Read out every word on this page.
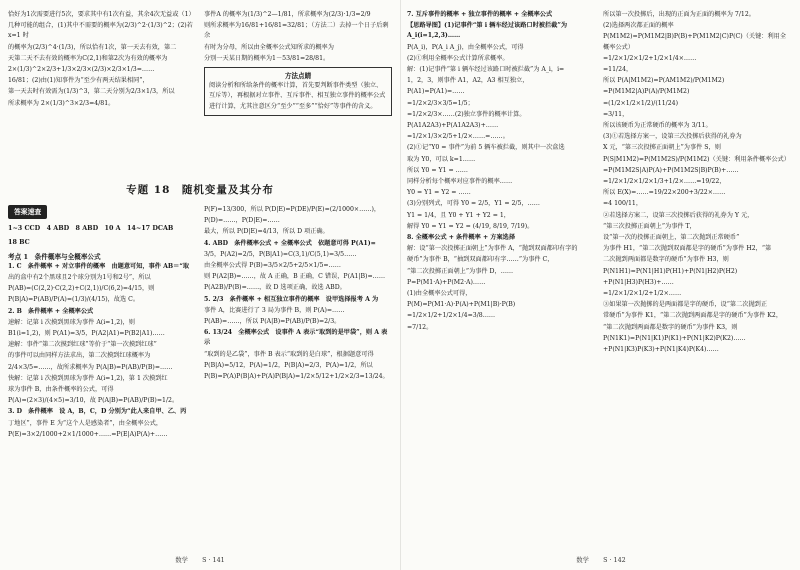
恰好为1次需要进行5次，要求其中有1次有益，其余4次无益或（1）

几种可能的组合，(1)其中不需要的概率为(2/3)^2·(1/3)^2；(2)若 x=1 时

的概率为(2/3)^4·(1/3)，所以恰有1次，第一天去有效，第二

天第二天不去有效的概率为C(2,1)和第2次为有效的概率为

2×(1/3)^2×2/3+1/3×2/3×(2/3)×2/3×1/3=……

16/81；(2)由(1)知事件为“至少有两天结果相同”，

第一天去时有效需为(1/3)^3，第二天分别为2/3×1/3，所以

所求概率为 2×(1/3)^3×2/3=4/81。

事件A 的概率为(1/3)^2—1/81，所求概率为(2/3)·1/3=2/9

则所求概率为16/81+16/81=32/81；（方法二）去掉一个日子后剩余

有时为分母，所以由全概率公式知所求的概率为

分别一天某日期的概率为1－53/81=28/81。

方法点睛
阅读分析和所给条件的概率计算，首先要判断事件类型（独立、互斥等），再根据对立事件、互斥事件、相互独立事件的概率公式进行计算，尤其注意区分“至少”“至多”“恰好”等事件的含义。
专题 18　随机变量及其分布
答案速查
1~3 CCD　4 ABD　8 ABD　10 A　14~17 DCAB
18 BC
考点 1　条件概率与全概率公式

1. C　条件概率 + 对立事件的概率　由题意可知，事件 AB＝“取

出的盒中有2个黑球且2个球分别为1号和2号”，所以

P(AB)=(C(2,2)·C(2,2)+C(2,1))/C(6,2)=4/15，则

P(B|A)=P(AB)/P(A)=(1/3)/(4/15)，故选 C。

2. B　条件概率 + 全概率公式

速解：记第 i 次摸到黑球为事件 A(i=1,2)，则

B1(i=1,2)，则 P(A1)=3/5，P(A2|A1)=P(B2|A1)……

速解：事件“第二次摸到红球”等价于“第一次摸到红球”

的事件可以由同样方法求出，第二次摸到红球概率为

2/4×3/5=……，故所求概率为 P(A|B)=P(AB)/P(B)=……

快解：记第 i 次摸到黑球为事件 A(i=1,2)，第 1 次摸到红

球为事件 B，由条件概率的公式，可得

P(A)=(2×3)/(4×5)=3/10，故 P(A|B)=P(AB)/P(B)=1/2。

3. D　条件概率　设 A，B，C，D 分别为“此人来自甲、乙、丙

丁地区”，事件 E 为“这个人是感染者”，由全概率公式，

P(E)=3×2/1000+2×1/1000+……=P(E|A)P(A)+……

P(F)=13/300，所以 P(D|E)=P(DE)/P(E)=(2/1000×……)，

P(D)=……，P(D|E)=……

最大，所以 P(D|E)=4/13，所以 D 项正确。

4. ABD　条件概率公式 + 全概率公式　依题意可得 P(A1)=

3/5，P(A2)=2/5，P(B|A1)=C(3,1)/C(5,1)=3/5……

由全概率公式得 P(B)=3/5×2/5+2/5×1/5=……

则 P(A2|B)=……，故 A 正确，B 正确，C 错误，P(A1|B)=……

P(A2B)/P(B)=……，故 D 选项正确，故选 ABD。

5. 2/3　条件概率 + 相互独立事件的概率　设甲选择报考 A 为

事件 A，比赛进行了 3 局为事件 B，则 P(A)=……

P(AB)=……，所以 P(A|B)=P(AB)/P(B)=2/3。

6. 13/24　全概率公式　设事件 A 表示“取到的是甲袋”，则 A 表示

“取到的是乙袋”，事件 B 表示“取到的是白球”，根据题意可得

P(B|A)=5/12，P(A)=1/2，P(B|A)=2/3，P(A)=1/2，所以

P(B)=P(A)P(B|A)+P(A)P(B|A)=1/2×5/12+1/2×2/3=13/24。

数学 S · 141

7. 互斥事件的概率 + 独立事件的概率 + 全概率公式

【思路导图】(1)记事件“第 i 辆车经过该路口时被拦截”为 A_i(i=1,2,3)……

P(A_i)，P(A_i A_j)，由全概率公式，可得

(2)①利用全概率公式计算所求概率。

解：(1)记事件“第 i 辆车经过该路口时被拦截”为 A_i，i=

1，2，3，则事件 A1，A2，A3 相互独立，

P(A1)=P(A1)=……

=1/2×2/3×3/5=1/5；

=1/2×2/3×……(2)独立事件的概率计算。

P(A1A2A3)+P(A1A2A3)+……

=1/2×1/3×2/5+1/2×……=……。

(2)①记“Y0 = 事件”为前 5 辆车被拦截，则其中一次盒选

取为 Y0，可以 k=1……

所以 Y0 = Y1 = ……

同样分析每个概率对应事件的概率……

Y0 = Y1 = Y2 = ……

(3)分别列式，可得 Y0 = 2/5，Y1 = 2/5，……

Y1 = 1/4，且 Y0 + Y1 + Y2 = 1，

解得 Y0 = Y1 = Y2 = (4/19, 8/19, 7/19)。

8. 全概率公式 + 条件概率 + 方案选择

解：设“第一次投掷正面朝上”为事件 A，“抛到双面都印有字的

硬币”为事件 B，“抽到双面都印有字……”为事件 C，

“第二次投掷正面朝上”为事件 D，……

P=P(M1·A)+P(M2·A)……

(1)由全概率公式可得，

P(M)=P(M1·A)·P(A)+P(M1|B)·P(B)

=1/2×1/2+1/2×1/4=3/8……

=7/12。

所以第一次投掷后，出现的正面为正面的概率为 7/12。

(2)选择两次都正面的概率

P(M1M2)=P(M1M2|B)P(B)+P(M1M2|C)P(C)（关键：利用全概率公式）

=1/2×1/2×1/2+1/2×1/4×……

=11/24，

所以 P(A|M1M2)=P(AM1M2)/P(M1M2)

=P(M1M2|A)P(A)/P(M1M2)

=(1/2×1/2×1/2)/(11/24)

=3/11，

所以该硬币为正常硬币的概率为 3/11。

(3)①若选择方案一，设第三次投掷后获得的礼券为

X 元，“第三次投掷正面朝上”为事件 S，则

P(S|M1M2)=P(M1M2S)/P(M1M2)（关键：利用条件概率公式）

=P(M1M2S|A)P(A)+P(M1M2S|B)P(B)+……

=1/2×1/2×1/2×1/3+1/2×……=19/22，

所以 E(X)=……=19/22×200+3/22×……

=4 100/11，

②若选择方案二，设第三次投掷后获得的礼券为 Y 元，

“第三次投掷正面朝上”为事件 T，

设“第一次的投掷正面朝上，第二次抛到正常硬币”

为事件 H1，“第二次抛到双面都是字的硬币”为事件 H2，“第

二次抛到两面都是数字的硬币”为事件 H3，则

P(N1H1)=P(N1|H1)P(H1)+P(N1|H2)P(H2)

+P(N1|H3)P(H3)+……

=1/2×1/2×1/2+1/2×……

③如果第一次抛掷的是两面都是字的硬币，设“第二次抛到正

常硬币”为事件 K1，“第二次抛到两面都是字的硬币”为事件 K2，

“第二次抛到两面都是数字的硬币”为事件 K3，则

P(N1K1)=P(N1|K1)P(K1)+P(N1|K2)P(K2)……

+P(N1|K3)P(K3)+P(N1|K4)P(K4)……

数学 S · 142
